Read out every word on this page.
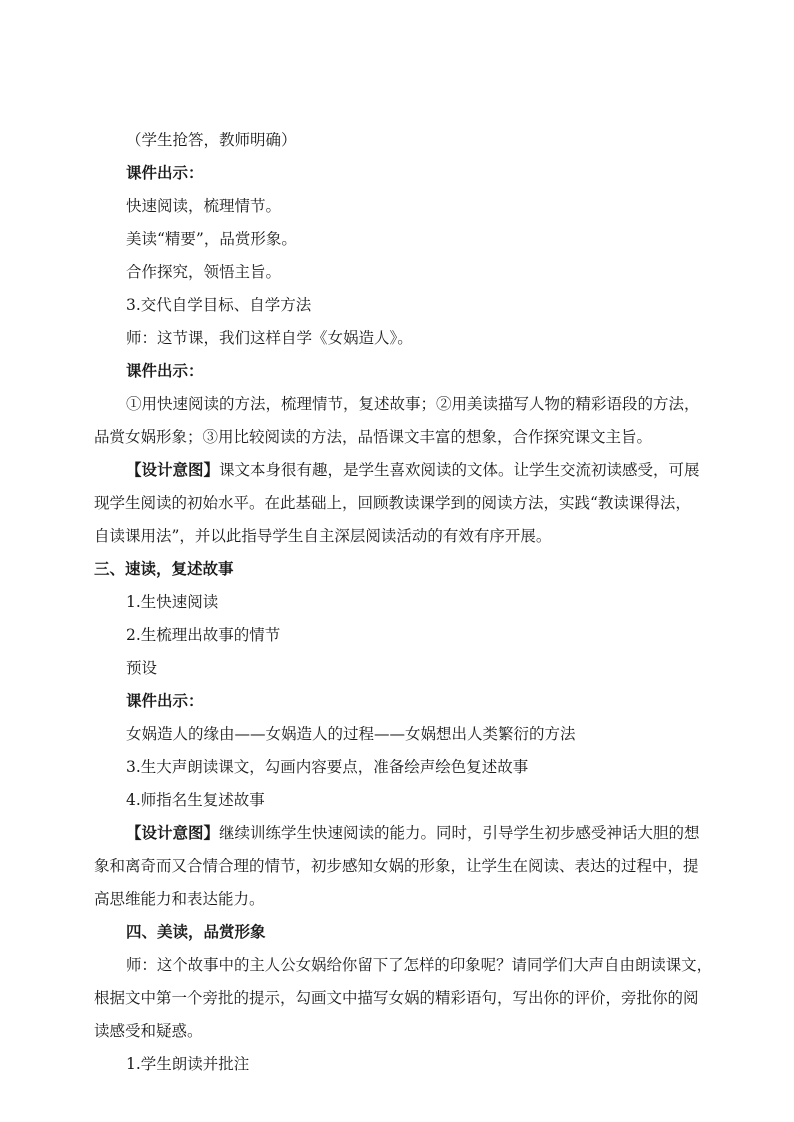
（学生抢答，教师明确）
课件出示：
快速阅读，梳理情节。
美读“精要”，品赏形象。
合作探究，领悟主旨。
3.交代自学目标、自学方法
师：这节课，我们这样自学《女娲造人》。
课件出示：
①用快速阅读的方法，梳理情节，复述故事；②用美读描写人物的精彩语段的方法，
品赏女娲形象；③用比较阅读的方法，品悟课文丰富的想象，合作探究课文主旨。
【设计意图】课文本身很有趣，是学生喜欢阅读的文体。让学生交流初读感受，可展
现学生阅读的初始水平。在此基础上，回顾教读课学到的阅读方法，实践“教读课得法，
自读课用法”，并以此指导学生自主深层阅读活动的有效有序开展。
三、速读，复述故事
1.生快速阅读
2.生梳理出故事的情节
预设
课件出示：
女娲造人的缘由——女娲造人的过程——女娲想出人类繁衍的方法
3.生大声朗读课文，勾画内容要点，准备绘声绘色复述故事
4.师指名生复述故事
【设计意图】继续训练学生快速阅读的能力。同时，引导学生初步感受神话大胆的想
象和离奇而又合情合理的情节，初步感知女娲的形象，让学生在阅读、表达的过程中，提
高思维能力和表达能力。
四、美读，品赏形象
师：这个故事中的主人公女娲给你留下了怎样的印象呢？请同学们大声自由朗读课文，
根据文中第一个旁批的提示，勾画文中描写女娲的精彩语句，写出你的评价，旁批你的阅
读感受和疑惑。
1.学生朗读并批注
